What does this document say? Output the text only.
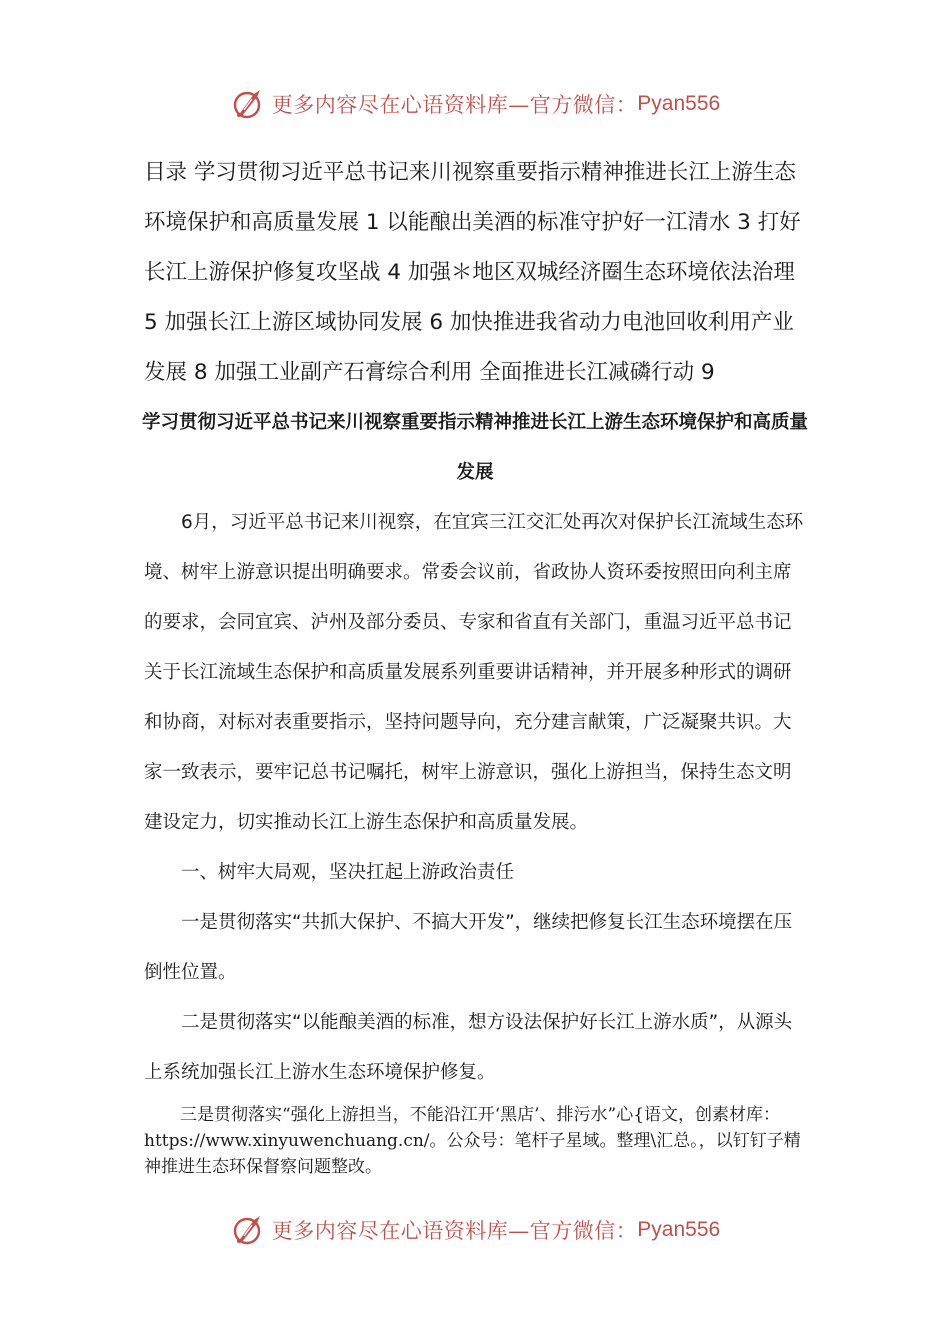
更多内容尽在心语资料库—官方微信： Pyan556

目录 学习贯彻习近平总书记来川视察重要指示精神推进长江上游生态环境保护和高质量发展 1 以能酿出美酒的标准守护好一江清水 3 打好长江上游保护修复攻坚战 4 加强＊地区双城经济圈生态环境依法治理 5 加强长江上游区域协同发展 6 加快推进我省动力电池回收利用产业发展 8 加强工业副产石膏综合利用 全面推进长江减磷行动 9

学习贯彻习近平总书记来川视察重要指示精神推进长江上游生态环境保护和高质量发展

6月，习近平总书记来川视察，在宜宾三江交汇处再次对保护长江流域生态环境、树牢上游意识提出明确要求。常委会议前，省政协人资环委按照田向利主席的要求，会同宜宾、泸州及部分委员、专家和省直有关部门，重温习近平总书记关于长江流域生态保护和高质量发展系列重要讲话精神，并开展多种形式的调研和协商，对标对表重要指示，坚持问题导向，充分建言献策，广泛凝聚共识。大家一致表示，要牢记总书记嘱托，树牢上游意识，强化上游担当，保持生态文明建设定力，切实推动长江上游生态保护和高质量发展。

一、树牢大局观，坚决扛起上游政治责任

一是贯彻落实“共抓大保护、不搞大开发”，继续把修复长江生态环境摆在压倒性位置。

二是贯彻落实“以能酿美酒的标准，想方设法保护好长江上游水质”，从源头上系统加强长江上游水生态环境保护修复。

三是贯彻落实“强化上游担当，不能沿江开‘黑店’、排污水”心{语文，创素材库：https://www.xinyuwenchuang.cn/。公众号：笔杆子星域。整理\汇总。，以钉钉子精神推进生态环保督察问题整改。

更多内容尽在心语资料库—官方微信： Pyan556
